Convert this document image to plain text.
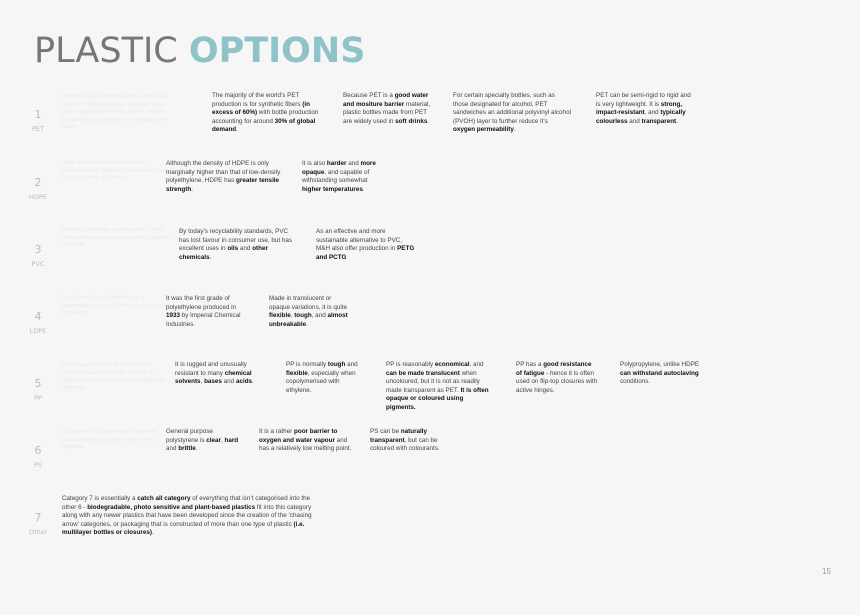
PLASTIC OPTIONS
1
PET
Polyethylene terephthalate is the most common thermoplastic polymer resin of the polyester family used in fibres for clothing, containers for liquids and foods.
The majority of the world’s PET production is for synthetic fibers (in excess of 60%) with bottle production accounting for around 30% of global demand.
Because PET is a good water and mositure barrier material, plastic bottles made from PET are widely used in soft drinks.
For certain specialty bottles, such as those designated for alcohol, PET sandwiches an additional polyvinyl alcohol (PVOH) layer to further reduce it’s oxygen permeability.
PET can be semi-rigid to rigid and is very lightweight. It is strong, impact-resistant, and typically colourless and transparent.
2
HDPE
High-density polyethylene is a thermoplastic polymer produced from the monomer ethylene.
Although the density of HDPE is only marginally higher than that of low-density polyethylene, HDPE has greater tensile strength.
It is also harder and more opaque, and capable of withstanding somewhat higher temperatures.
3
PVC
Polyvinyl chloride is the world’s third-most widely produced synthetic plastic polymer.
By today’s recyclability standards, PVC has lost favour in consumer use, but has excellent uses in oils and other chemicals.
As an effective and more sustainable alternative to PVC, M&H also offer production in PETG and PCTG
4
LDPE
Low-density polyethylene is a thermoplastic made from the monomer ethylene.
It was the first grade of polyethylene produced in 1933 by Imperial Chemical Industries.
Made in translucent or opaque variations, it is quite flexible, tough, and almost unbreakable.
5
PP
Polypropylene is a thermoplastic polymer used in a wide variety of applications including packaging and labeling.
It is rugged and unusually resistant to many chemical solvents, bases and acids.
PP is normally tough and flexible, especially when copolymerised with ethylene.
PP is reasonably economical, and can be made translucent when uncoloured, but it is not as readily made transparent as PET. It is often opaque or coloured using pigments.
PP has a good resistance of fatigue - hence it is often used on flip-top closures with active hinges.
Polypropylene, unlike HDPE can withstand autoclaving conditions.
6
PS
Polystyrene is a synthetic aromatic hydrocarbon polymer made from styrene.
General purpose polystyrene is clear, hard and brittle.
It is a rather poor barrier to oxygen and water vapour and has a relatively low melting point.
PS can be naturally transparent, but can be coloured with colourants.
7
Other
Category 7 is essentially a catch all category of everything that isn’t categorised into the other 6 - biodegradable, photo sensitive and plant-based plastics fit into this category along with any newer plastics that have been developed since the creation of the ‘chasing arrow’ categories, or packaging that is constructed of more than one type of plastic (i.e. multilayer bottles or closures).
15
